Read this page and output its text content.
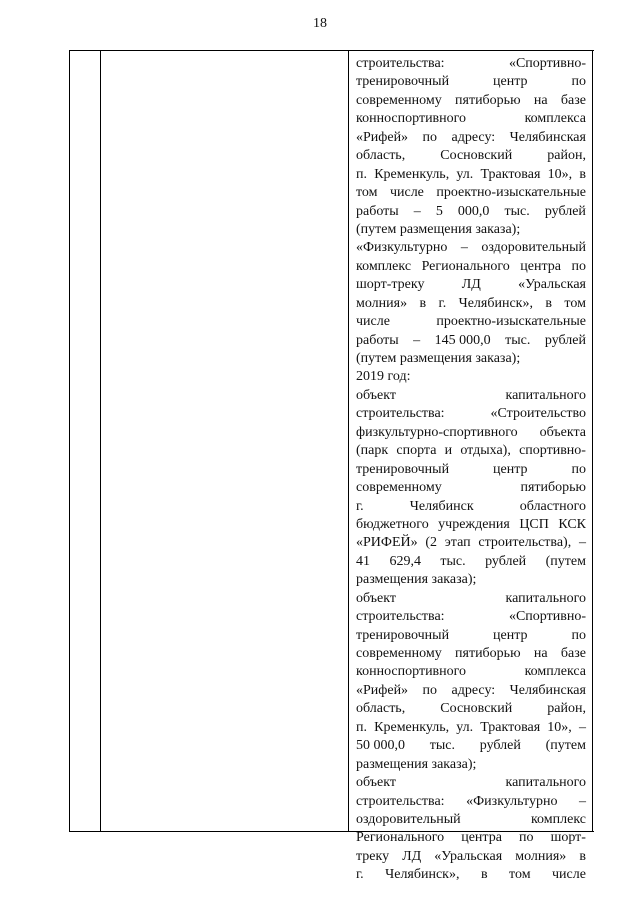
18
строительства:	«Спортивно-
тренировочный	центр	по
современному пятиборью на базе
конноспортивного	комплекса
«Рифей» по адресу: Челябинская
область,	Сосновский	район,
п. Кременкуль, ул. Трактовая 10», в
том числе проектно-изыскательные
работы – 5 000,0 тыс. рублей
(путем размещения заказа);
«Физкультурно – оздоровительный
комплекс Регионального центра по
шорт-треку	ЛД	«Уральская
молния» в г. Челябинск», в том
числе	проектно-изыскательные
работы – 145 000,0 тыс. рублей
(путем размещения заказа);
2019 год:
объект	капитального
строительства:	«Строительство
физкультурно-спортивного объекта
(парк спорта и отдыха), спортивно-
тренировочный	центр	по
современному	пятиборью
г.	Челябинск	областного
бюджетного учреждения ЦСП КСК
«РИФЕЙ» (2 этап строительства), –
41 629,4 тыс. рублей (путем
размещения заказа);
объект	капитального
строительства:	«Спортивно-
тренировочный	центр	по
современному пятиборью на базе
конноспортивного	комплекса
«Рифей» по адресу: Челябинская
область,	Сосновский	район,
п. Кременкуль, ул. Трактовая 10», –
50 000,0 тыс. рублей (путем
размещения заказа);
объект	капитального
строительства: «Физкультурно –
оздоровительный	комплекс
Регионального центра по шорт-
треку ЛД «Уральская молния» в
г. Челябинск», в том числе
